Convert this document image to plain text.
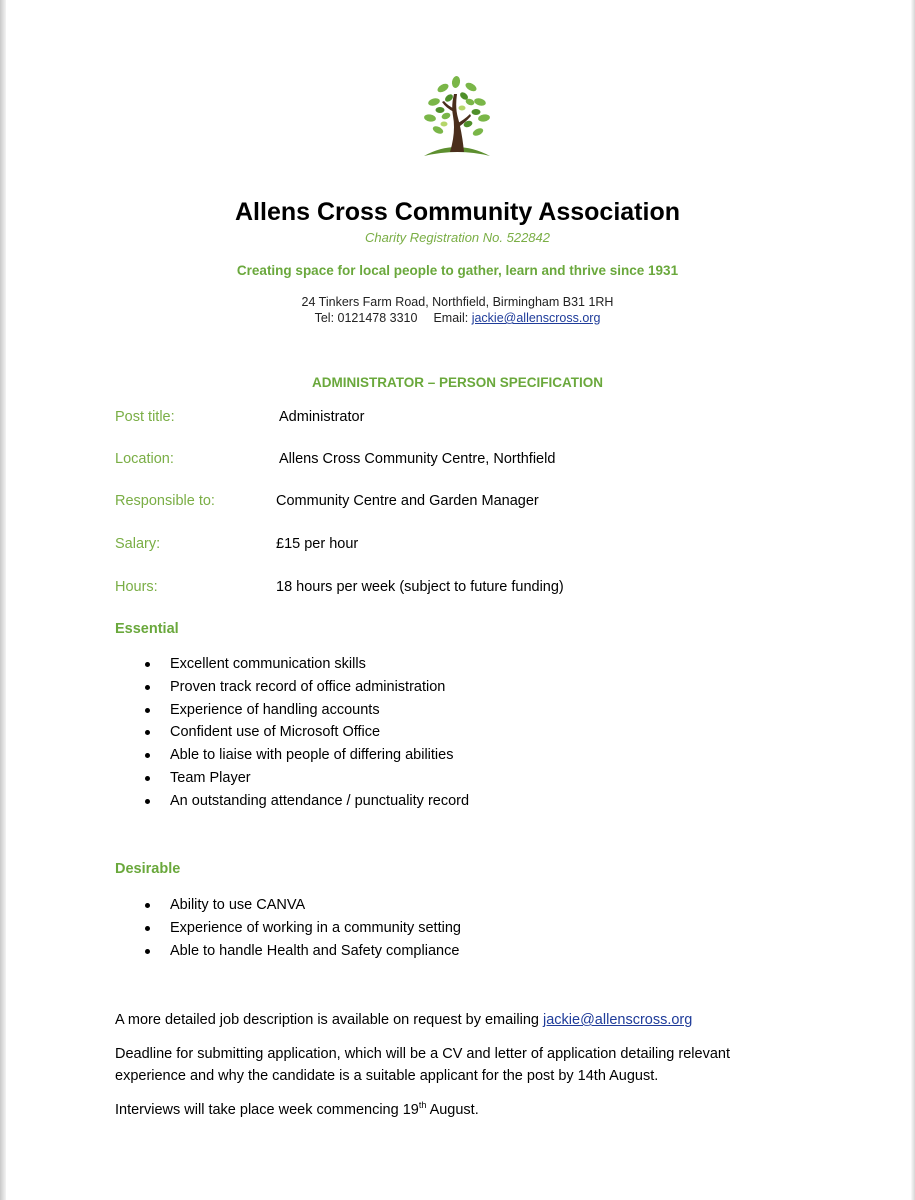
Allens Cross Community Association
Charity Registration No. 522842
Creating space for local people to gather, learn and thrive since 1931
24 Tinkers Farm Road, Northfield, Birmingham B31 1RH
Tel: 0121478 3310 Email: jackie@allenscross.org
ADMINISTRATOR – PERSON SPECIFICATION
Post title:	Administrator
Location:	Allens Cross Community Centre, Northfield
Responsible to:	Community Centre and Garden Manager
Salary:	£15 per hour
Hours:	18 hours per week (subject to future funding)
Essential
Excellent communication skills
Proven track record of office administration
Experience of handling accounts
Confident use of Microsoft Office
Able to liaise with people of differing abilities
Team Player
An outstanding attendance / punctuality record
Desirable
Ability to use CANVA
Experience of working in a community setting
Able to handle Health and Safety compliance
A more detailed job description is available on request by emailing jackie@allenscross.org
Deadline for submitting application, which will be a CV and letter of application detailing relevant experience and why the candidate is a suitable applicant for the post by 14th August.
Interviews will take place week commencing 19th August.
